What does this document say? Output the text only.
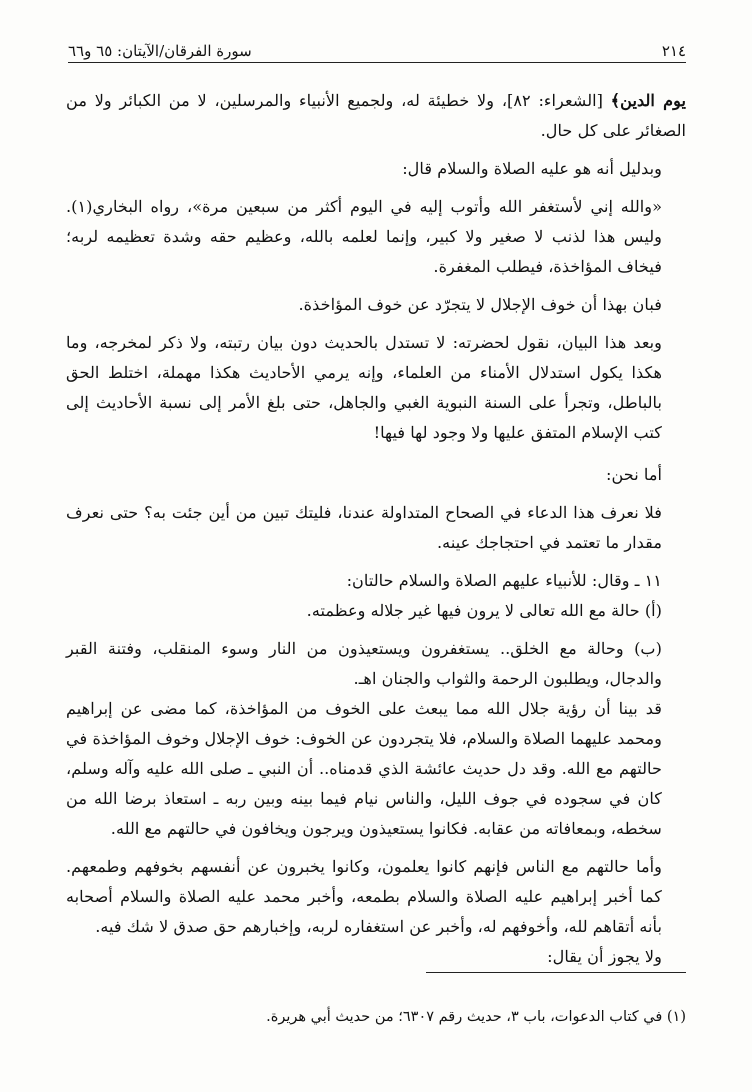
٢١٤
سورة الفرقان/الآيتان: ٦٥ و٦٦

يوم الدين﴾ [الشعراء: ٨٢]، ولا خطيئة له، ولجميع الأنبياء والمرسلين، لا من الكبائر ولا من الصغائر على كل حال.

وبدليل أنه هو عليه الصلاة والسلام قال:

«والله إني لأستغفر الله وأتوب إليه في اليوم أكثر من سبعين مرة»، رواه البخاري(١). وليس هذا لذنب لا صغير ولا كبير، وإنما لعلمه بالله، وعظيم حقه وشدة تعظيمه لربه؛ فيخاف المؤاخذة، فيطلب المغفرة.

فبان بهذا أن خوف الإجلال لا يتجرّد عن خوف المؤاخذة.

وبعد هذا البيان، نقول لحضرته: لا تستدل بالحديث دون بيان رتبته، ولا ذكر لمخرجه، وما هكذا يكول استدلال الأمناء من العلماء، وإنه يرمي الأحاديث هكذا مهملة، اختلط الحق بالباطل، وتجرأ على السنة النبوية الغبي والجاهل، حتى بلغ الأمر إلى نسبة الأحاديث إلى كتب الإسلام المتفق عليها ولا وجود لها فيها!

أما نحن:

فلا نعرف هذا الدعاء في الصحاح المتداولة عندنا، فليتك تبين من أين جئت به؟ حتى نعرف مقدار ما تعتمد في احتجاجك عينه.

١١ ـ وقال: للأنبياء عليهم الصلاة والسلام حالتان:

(أ) حالة مع الله تعالى لا يرون فيها غير جلاله وعظمته.

(ب) وحالة مع الخلق.. يستغفرون ويستعيذون من النار وسوء المنقلب، وفتنة القبر والدجال، ويطلبون الرحمة والثواب والجنان اهـ.

قد بينا أن رؤية جلال الله مما يبعث على الخوف من المؤاخذة، كما مضى عن إبراهيم ومحمد عليهما الصلاة والسلام، فلا يتجردون عن الخوف: خوف الإجلال وخوف المؤاخذة في حالتهم مع الله. وقد دل حديث عائشة الذي قدمناه.. أن النبي ـ صلى الله عليه وآله وسلم، كان في سجوده في جوف الليل، والناس نيام فيما بينه وبين ربه ـ استعاذ برضا الله من سخطه، وبمعافاته من عقابه. فكانوا يستعيذون ويرجون ويخافون في حالتهم مع الله.

وأما حالتهم مع الناس فإنهم كانوا يعلمون، وكانوا يخبرون عن أنفسهم بخوفهم وطمعهم. كما أخبر إبراهيم عليه الصلاة والسلام بطمعه، وأخبر محمد عليه الصلاة والسلام أصحابه بأنه أتقاهم لله، وأخوفهم له، وأخبر عن استغفاره لربه، وإخبارهم حق صدق لا شك فيه.

ولا يجوز أن يقال:

(١) في كتاب الدعوات، باب ٣، حديث رقم ٦٣٠٧؛ من حديث أبي هريرة.
